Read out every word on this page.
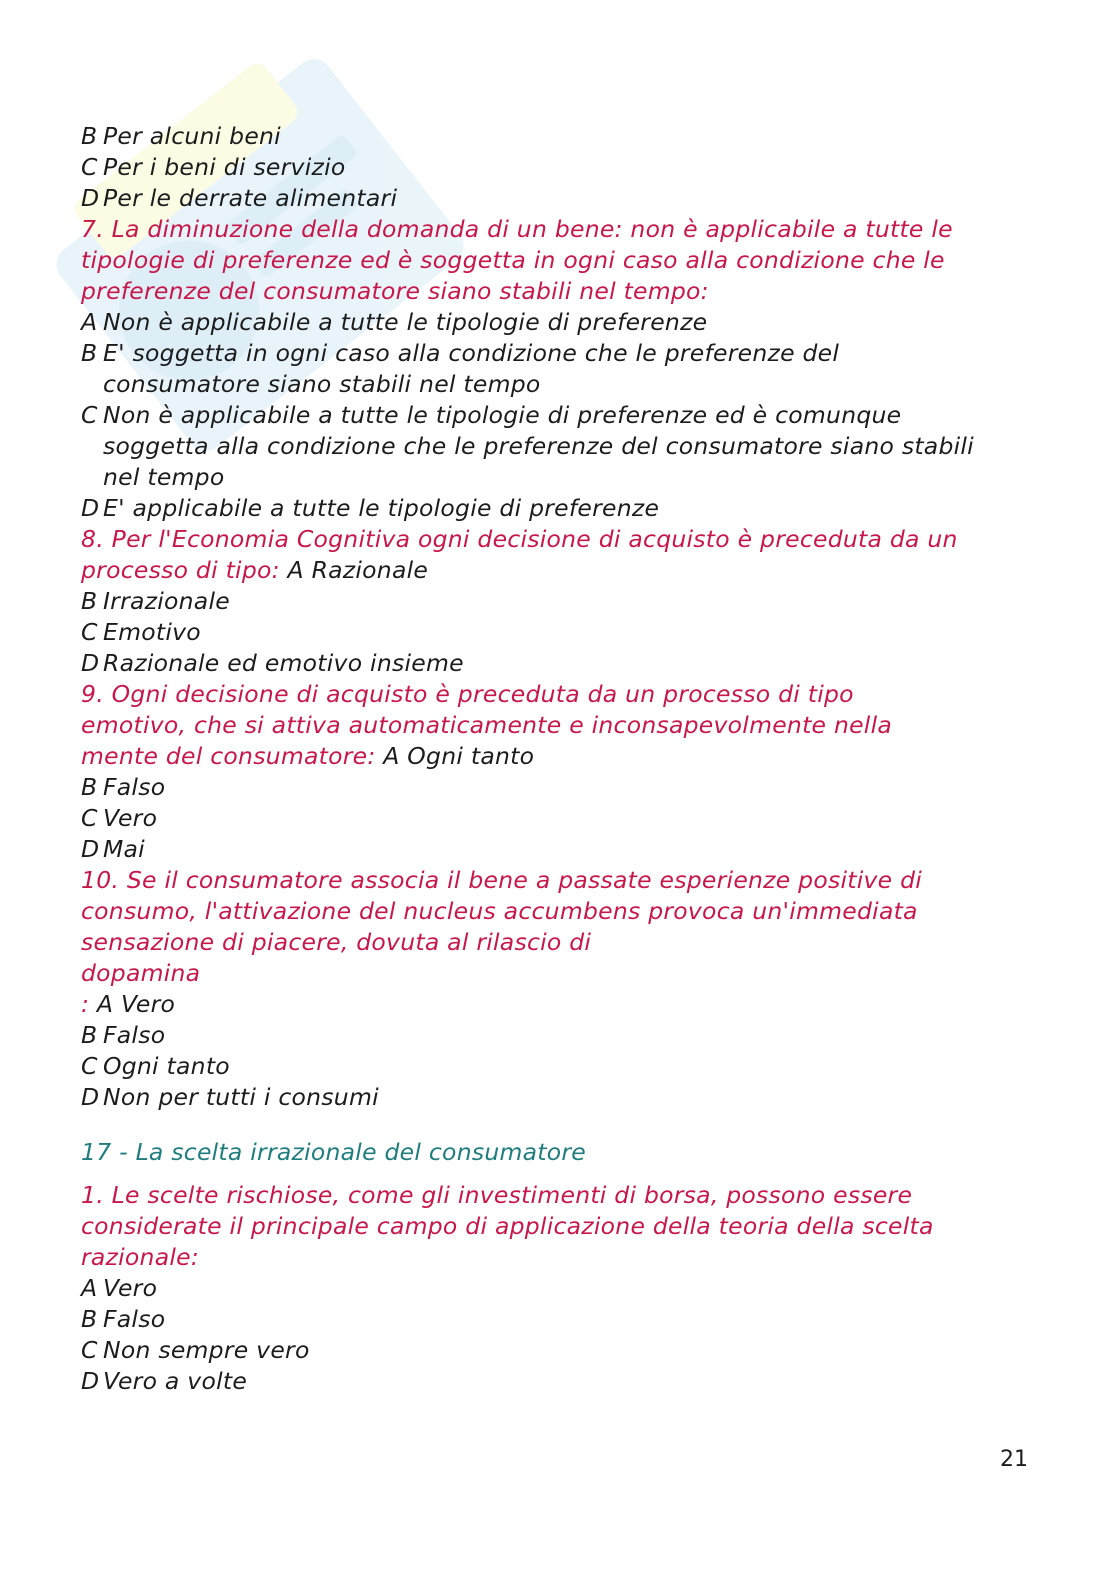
B Per alcuni beni
C Per i beni di servizio
D Per le derrate alimentari
7. La diminuzione della domanda di un bene: non è applicabile a tutte le
tipologie di preferenze ed è soggetta in ogni caso alla condizione che le
preferenze del consumatore siano stabili nel tempo:
A Non è applicabile a tutte le tipologie di preferenze
B E' soggetta in ogni caso alla condizione che le preferenze del
consumatore siano stabili nel tempo
C Non è applicabile a tutte le tipologie di preferenze ed è comunque
soggetta alla condizione che le preferenze del consumatore siano stabili
nel tempo
D E' applicabile a tutte le tipologie di preferenze
8. Per l'Economia Cognitiva ogni decisione di acquisto è preceduta da un
processo di tipo: A Razionale
B Irrazionale
C Emotivo
D Razionale ed emotivo insieme
9. Ogni decisione di acquisto è preceduta da un processo di tipo
emotivo, che si attiva automaticamente e inconsapevolmente nella
mente del consumatore: A Ogni tanto
B Falso
C Vero
D Mai
10. Se il consumatore associa il bene a passate esperienze positive di
consumo, l'attivazione del nucleus accumbens provoca un'immediata
sensazione di piacere, dovuta al rilascio di
dopamina
: A Vero
B Falso
C Ogni tanto
D Non per tutti i consumi
17 - La scelta irrazionale del consumatore
1. Le scelte rischiose, come gli investimenti di borsa, possono essere
considerate il principale campo di applicazione della teoria della scelta
razionale:
A Vero
B Falso
C Non sempre vero
D Vero a volte
21
